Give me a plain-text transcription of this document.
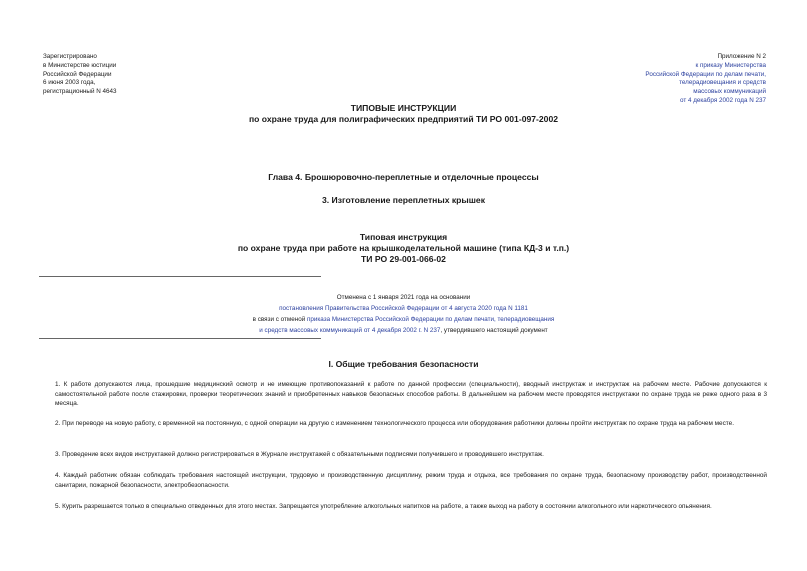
Зарегистрировано
в Министерстве юстиции
Российской Федерации
6 июня 2003 года,
регистрационный N 4643
Приложение N 2
к приказу Министерства
Российской Федерации по делам печати,
телерадиовещания и средств
массовых коммуникаций
от 4 декабря 2002 года N 237
ТИПОВЫЕ ИНСТРУКЦИИ
по охране труда для полиграфических предприятий ТИ РО 001-097-2002
Глава 4. Брошюровочно-переплетные и отделочные процессы
3. Изготовление переплетных крышек
Типовая инструкция
по охране труда при работе на крышкоделательной машине (типа КД-3 и т.п.)
ТИ РО 29-001-066-02
Отменена с 1 января 2021 года на основании
постановления Правительства Российской Федерации от 4 августа 2020 года N 1181
в связи с отменой приказа Министерства Российской Федерации по делам печати, телерадиовещания
и средств массовых коммуникаций от 4 декабря 2002 г. N 237, утвердившего настоящий документ
I. Общие требования безопасности
1. К работе допускаются лица, прошедшие медицинский осмотр и не имеющие противопоказаний к работе по данной профессии (специальности), вводный инструктаж и инструктаж на рабочем месте. Рабочие допускаются к самостоятельной работе после стажировки, проверки теоретических знаний и приобретенных навыков безопасных способов работы. В дальнейшем на рабочем месте проводятся инструктажи по охране труда не реже одного раза в 3 месяца.
2. При переводе на новую работу, с временной на постоянную, с одной операции на другую с изменением технологического процесса или оборудования работники должны пройти инструктаж по охране труда на рабочем месте.
3. Проведение всех видов инструктажей должно регистрироваться в Журнале инструктажей с обязательными подписями получившего и проводившего инструктаж.
4. Каждый работник обязан соблюдать требования настоящей инструкции, трудовую и производственную дисциплину, режим труда и отдыха, все требования по охране труда, безопасному производству работ, производственной санитарии, пожарной безопасности, электробезопасности.
5. Курить разрешается только в специально отведенных для этого местах. Запрещается употребление алкогольных напитков на работе, а также выход на работу в состоянии алкогольного или наркотического опьянения.
